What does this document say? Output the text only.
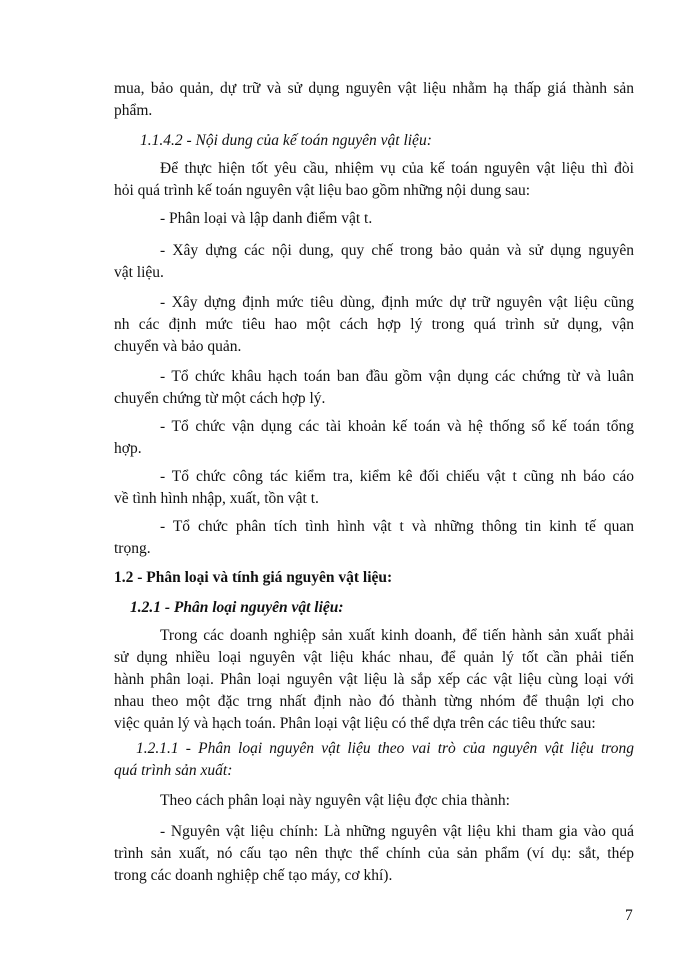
mua, bảo quản, dự trữ và sử dụng nguyên vật liệu nhằm hạ thấp giá thành sản
phẩm.
1.1.4.2 - Nội dung của kế toán nguyên vật liệu:
Để thực hiện tốt yêu cầu, nhiệm vụ của kế toán nguyên vật liệu thì đòi
hỏi quá trình kế toán nguyên vật liệu bao gồm những nội dung sau:
- Phân loại và lập danh điểm vật t.
- Xây dựng các nội dung, quy chế trong bảo quản và sử dụng nguyên
vật liệu.
- Xây dựng định mức tiêu dùng, định mức dự trữ nguyên vật liệu cũng
nh các định mức tiêu hao một cách hợp lý trong quá trình sử dụng, vận
chuyển và bảo quản.
- Tổ chức khâu hạch toán ban đầu gồm vận dụng các chứng từ và luân
chuyển chứng từ một cách hợp lý.
- Tổ chức vận dụng các tài khoản kế toán và hệ thống sổ kế toán tổng
hợp.
- Tổ chức công tác kiểm tra, kiểm kê đối chiếu vật t cũng nh báo cáo
về tình hình nhập, xuất, tồn vật t.
- Tổ chức phân tích tình hình vật t và những thông tin kinh tế quan
trọng.
1.2 - Phân loại và tính giá nguyên vật liệu:
1.2.1 - Phân loại nguyên vật liệu:
Trong các doanh nghiệp sản xuất kinh doanh, để tiến hành sản xuất phải
sử dụng nhiều loại nguyên vật liệu khác nhau, để quản lý tốt cần phải tiến
hành phân loại. Phân loại nguyên vật liệu là sắp xếp các vật liệu cùng loại với
nhau theo một đặc trng nhất định nào đó thành từng nhóm để thuận lợi cho
việc quản lý và hạch toán. Phân loại vật liệu có thể dựa trên các tiêu thức sau:
1.2.1.1 - Phân loại nguyên vật liệu theo vai trò của nguyên vật liệu trong
quá trình sản xuất:
Theo cách phân loại này nguyên vật liệu đợc chia thành:
- Nguyên vật liệu chính: Là những nguyên vật liệu khi tham gia vào quá
trình sản xuất, nó cấu tạo nên thực thể chính của sản phẩm (ví dụ: sắt, thép
trong các doanh nghiệp chế tạo máy, cơ khí).
7
